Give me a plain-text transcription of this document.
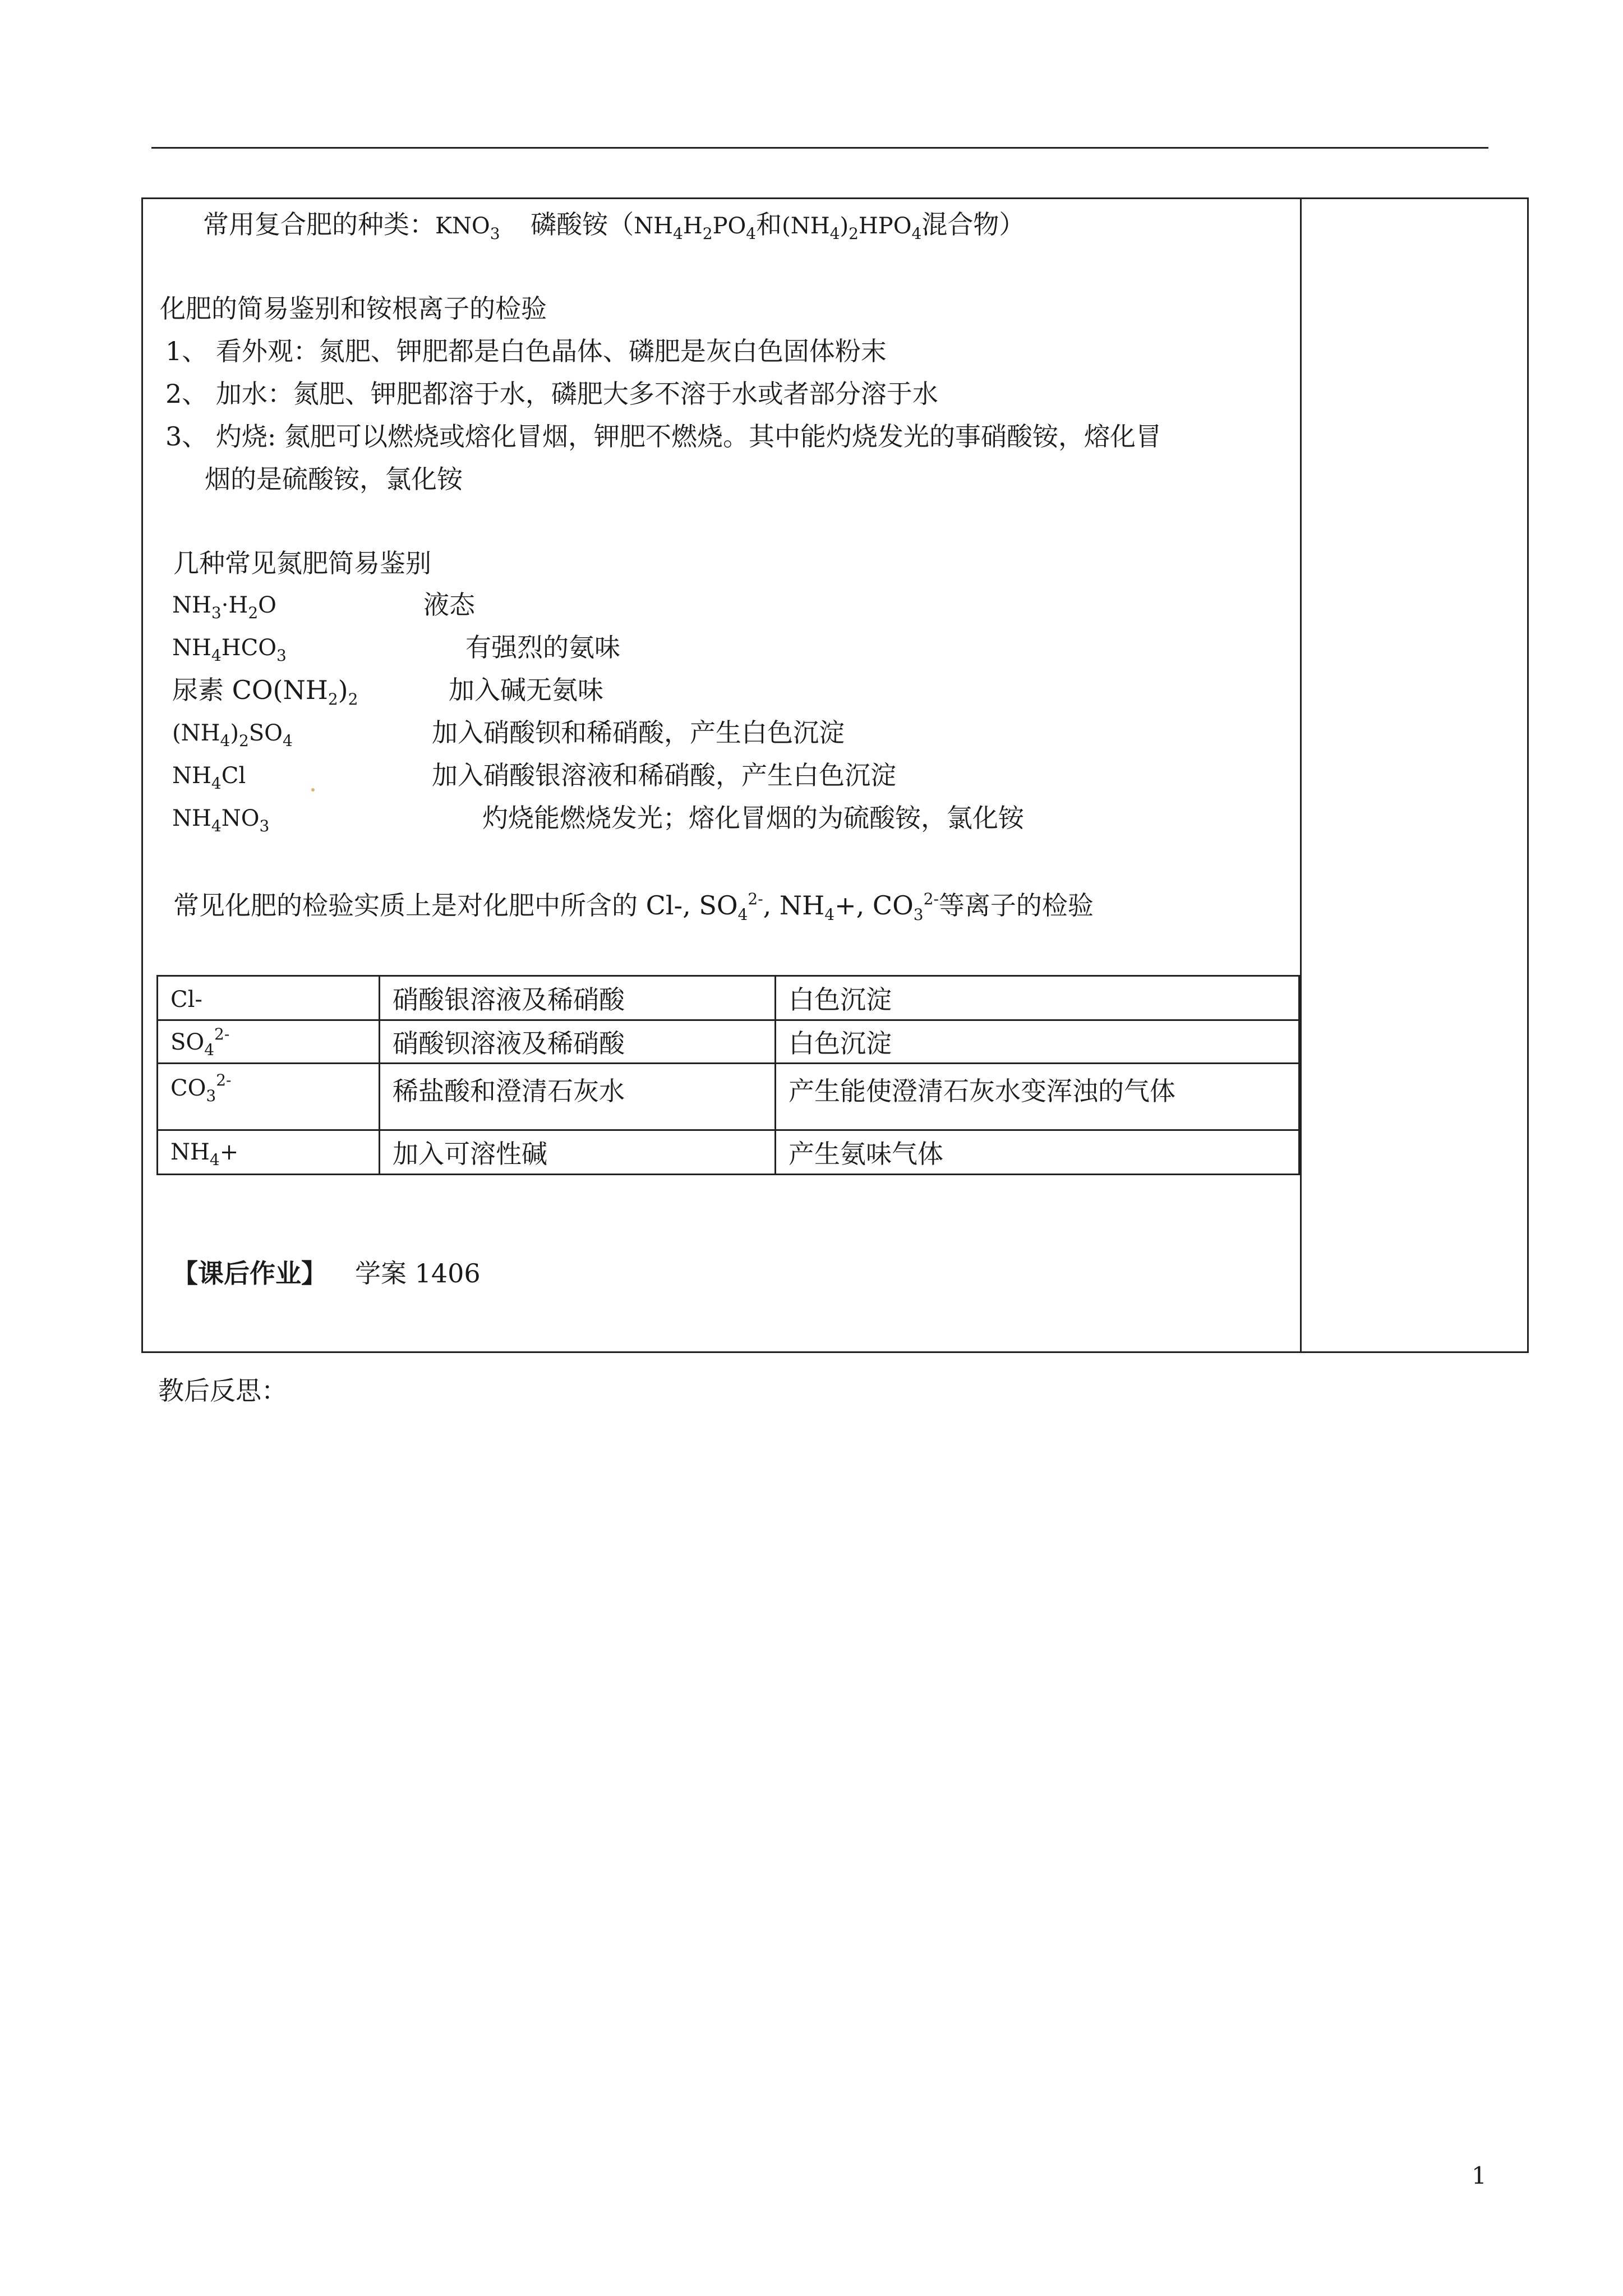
常用复合肥的种类：$KNO_3$ 磷酸铵（$NH_4H_2PO_4$和$(NH_4)_2HPO_4$混合物）
化肥的简易鉴别和铵根离子的检验
1、 看外观：氮肥、钾肥都是白色晶体、磷肥是灰白色固体粉末
2、 加水：氮肥、钾肥都溶于水，磷肥大多不溶于水或者部分溶于水
3、 灼烧: 氮肥可以燃烧或熔化冒烟，钾肥不燃烧。其中能灼烧发光的事硝酸铵，熔化冒
烟的是硫酸铵，氯化铵
几种常见氮肥简易鉴别
$NH_3\cdot H_2O$	液态
$NH_4HCO_3$	有强烈的氨味
尿素 $CO(NH_2)_2$	加入碱无氨味
$(NH_4)_2SO_4$	加入硝酸钡和稀硝酸，产生白色沉淀
$NH_4Cl$	加入硝酸银溶液和稀硝酸，产生白色沉淀
$NH_4NO_3$	灼烧能燃烧发光；熔化冒烟的为硫酸铵，氯化铵
常见化肥的检验实质上是对化肥中所含的 Cl-, $SO_4^{2-}$, $NH_4+$, $CO_3^{2-}$等离子的检验
Cl-	硝酸银溶液及稀硝酸	白色沉淀
$SO_4^{2-}$	硝酸钡溶液及稀硝酸	白色沉淀
$CO_3^{2-}$	稀盐酸和澄清石灰水	产生能使澄清石灰水变浑浊的气体
$NH_4+$	加入可溶性碱	产生氨味气体
【课后作业】 学案 1406
教后反思：
1
